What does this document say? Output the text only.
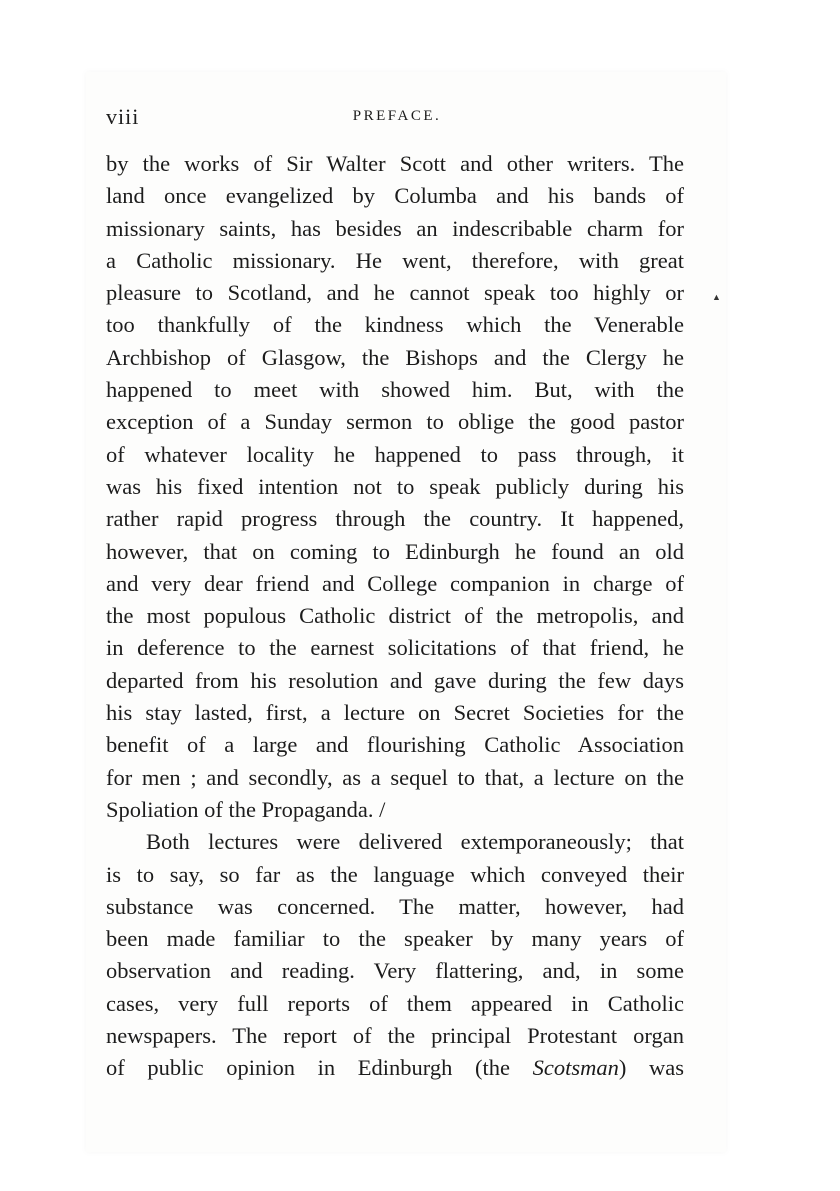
viii	PREFACE.
▲
by the works of Sir Walter Scott and other writers. The
land once evangelized by Columba and his bands of
missionary saints, has besides an indescribable charm for
a Catholic missionary. He went, therefore, with great
pleasure to Scotland, and he cannot speak too highly or
too thankfully of the kindness which the Venerable
Archbishop of Glasgow, the Bishops and the Clergy he
happened to meet with showed him. But, with the
exception of a Sunday sermon to oblige the good pastor
of whatever locality he happened to pass through, it
was his fixed intention not to speak publicly during his
rather rapid progress through the country. It happened,
however, that on coming to Edinburgh he found an old
and very dear friend and College companion in charge of
the most populous Catholic district of the metropolis, and
in deference to the earnest solicitations of that friend, he
departed from his resolution and gave during the few days
his stay lasted, first, a lecture on Secret Societies for the
benefit of a large and flourishing Catholic Association
for men ; and secondly, as a sequel to that, a lecture on the
Spoliation of the Propaganda. /
Both lectures were delivered extemporaneously; that
is to say, so far as the language which conveyed their
substance was concerned. The matter, however, had
been made familiar to the speaker by many years of
observation and reading. Very flattering, and, in some
cases, very full reports of them appeared in Catholic
newspapers. The report of the principal Protestant organ
of public opinion in Edinburgh (the Scotsman) was
